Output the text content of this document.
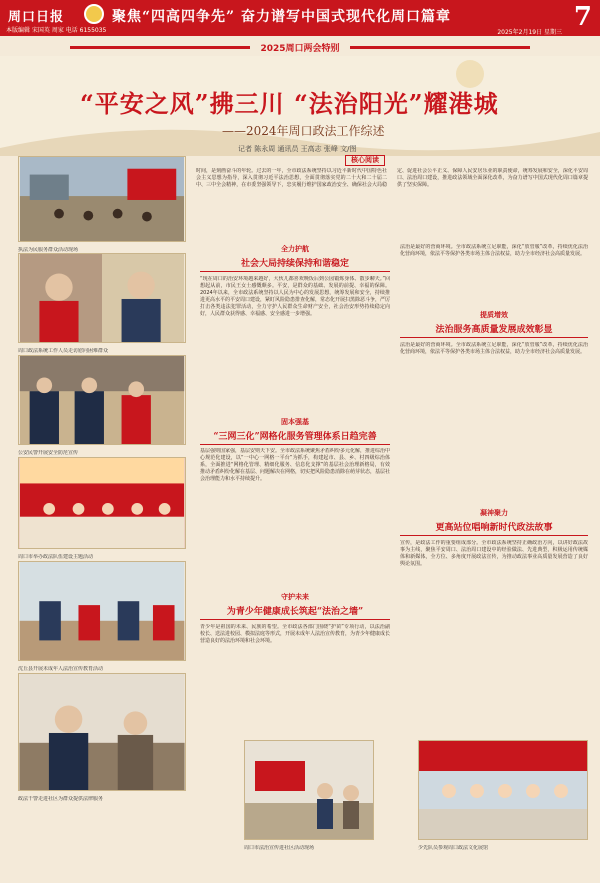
周口日报	聚焦“四高四争先” 奋力谱写中国式现代化周口篇章	7
本版编辑 宋国英 周家 电话 6155035	2025年2月19日 星期三
2025周口两会特别
“平安之风”拂三川 “法治阳光”耀港城
——2024年周口政法工作综述
记者 陈永周 通讯员 王高志 张峰 文/图
执法为民服务群众活动现场
周口政法系统工作人员走访慰问困难群众
公安民警开展安全防范宣传
周口市举办政法队伍建设主题活动
沈丘县开展未成年人法治宣传教育活动
政法干警走进社区为群众提供法律服务
核心阅读
时间，是刻画奋斗的年轮。过去的一年，全市政法系统坚持以习近平新时代中国特色社会主义思想为指导，深入贯彻习近平法治思想，全面贯彻落实党的二十大和二十届二中、三中全会精神，在市委坚强领导下，忠实履行维护国家政治安全、确保社会大局稳定、促进社会公平正义、保障人民安居乐业的职责使命，统筹发展和安全，深化平安周口、法治周口建设，推进政法领域全面深化改革，为奋力谱写中国式现代化周口篇章提供了坚实保障。
全力护航
社会大局持续保持和谐稳定
“现在周口的治安环境越来越好，大伙儿都喜欢晚饭后到公园锻炼身体、散步聊天。”回想起从前，市民王女士感慨颇多。平安，是群众的基础、发展的前提、幸福的保障。2024年以来，全市政法系统坚持以人民为中心的发展思想，统筹发展和安全，持续推进更高水平的平安周口建设，紧盯风险隐患排查化解，常态化开展扫黑除恶斗争，严厉打击各类违法犯罪活动，全力守护人民群众生命财产安全，社会治安形势持续稳定向好，人民群众获得感、幸福感、安全感进一步增强。
固本强基
“三网三化”网格化服务管理体系日趋完善
基层强则国家强，基层安则天下安。全市政法系统聚焦矛盾纠纷多元化解，推进综治中心规范化建设，以“一中心一网格一平台”为抓手，构建起市、县、乡、村四级综治体系，全面推进“网格化管理、精细化服务、信息化支撑”的基层社会治理新格局，有效推动矛盾纠纷化解在基层、问题解决在网格，切实把风险隐患消除在萌芽状态，基层社会治理能力和水平持续提升。
守护未来
为青少年健康成长筑起“法治之墙”
青少年是祖国的未来、民族的希望。全市政法各部门围绕“护苗”专项行动，以法治副校长、送法进校园、模拟法庭等形式，开展未成年人法治宣传教育，为青少年健康成长营造良好的法治环境和社会环境。
法治是最好的营商环境。全市政法系统立足职能，深化“放管服”改革，持续优化法治化营商环境，依法平等保护各类市场主体合法权益，助力全市经济社会高质量发展。
提质增效
法治服务高质量发展成效彰显
法治是最好的营商环境。全市政法系统立足职能，深化“放管服”改革，持续优化法治化营商环境，依法平等保护各类市场主体合法权益，助力全市经济社会高质量发展。
凝神聚力
更高站位唱响新时代政法故事
宣传，是政法工作的重要组成部分。全市政法系统坚持正确政治方向，以讲好政法故事为主线，聚焦平安周口、法治周口建设中的经验做法、先进典型，积极运用传统媒体和新媒体，全方位、多角度开展政法宣传，为推动政法事业高质量发展营造了良好舆论氛围。
周口市法治宣传进社区活动现场	少先队员参观周口政法文化展馆
